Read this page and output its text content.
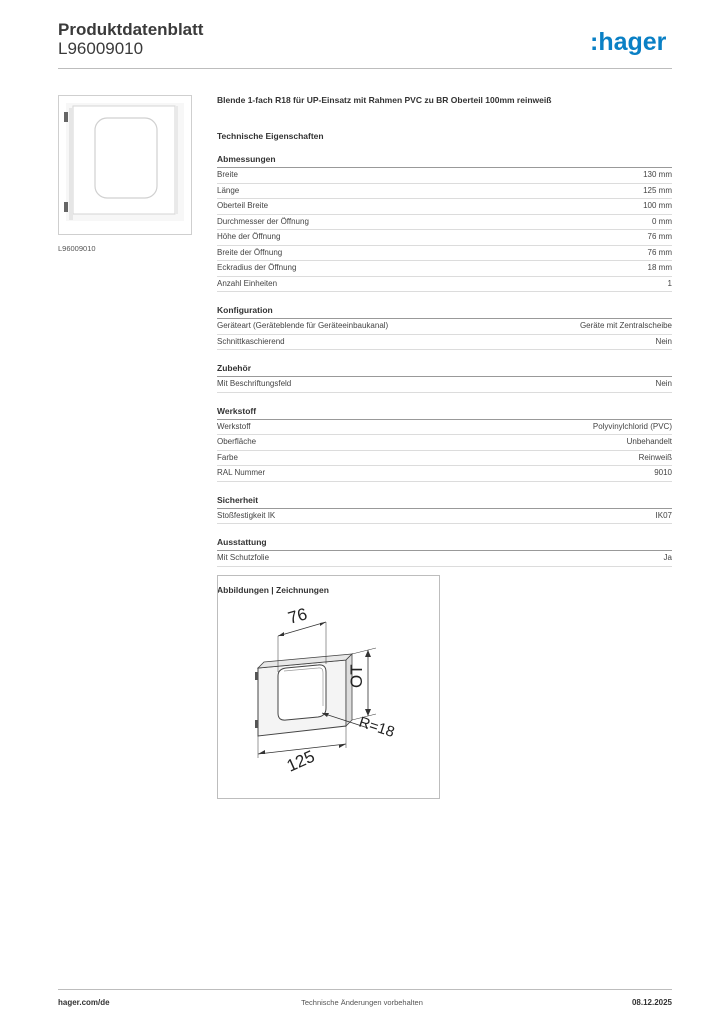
Produktdatenblatt
L96009010	:hager
L96009010
Blende 1-fach R18 für UP-Einsatz mit Rahmen PVC zu BR Oberteil 100mm reinweiß
Technische Eigenschaften
Abmessungen
Breite	130 mm
Länge	125 mm
Oberteil Breite	100 mm
Durchmesser der Öffnung	0 mm
Höhe der Öffnung	76 mm
Breite der Öffnung	76 mm
Eckradius der Öffnung	18 mm
Anzahl Einheiten	1
Konfiguration
Geräteart (Geräteblende für Geräteeinbaukanal)	Geräte mit Zentralscheibe
Schnittkaschierend	Nein
Zubehör
Mit Beschriftungsfeld	Nein
Werkstoff
Werkstoff	Polyvinylchlorid (PVC)
Oberfläche	Unbehandelt
Farbe	Reinweiß
RAL Nummer	9010
Sicherheit
Stoßfestigkeit IK	IK07
Ausstattung
Mit Schutzfolie	Ja
Abbildungen | Zeichnungen
76
OT
R=18
125
hager.com/de	Technische Änderungen vorbehalten	08.12.2025
